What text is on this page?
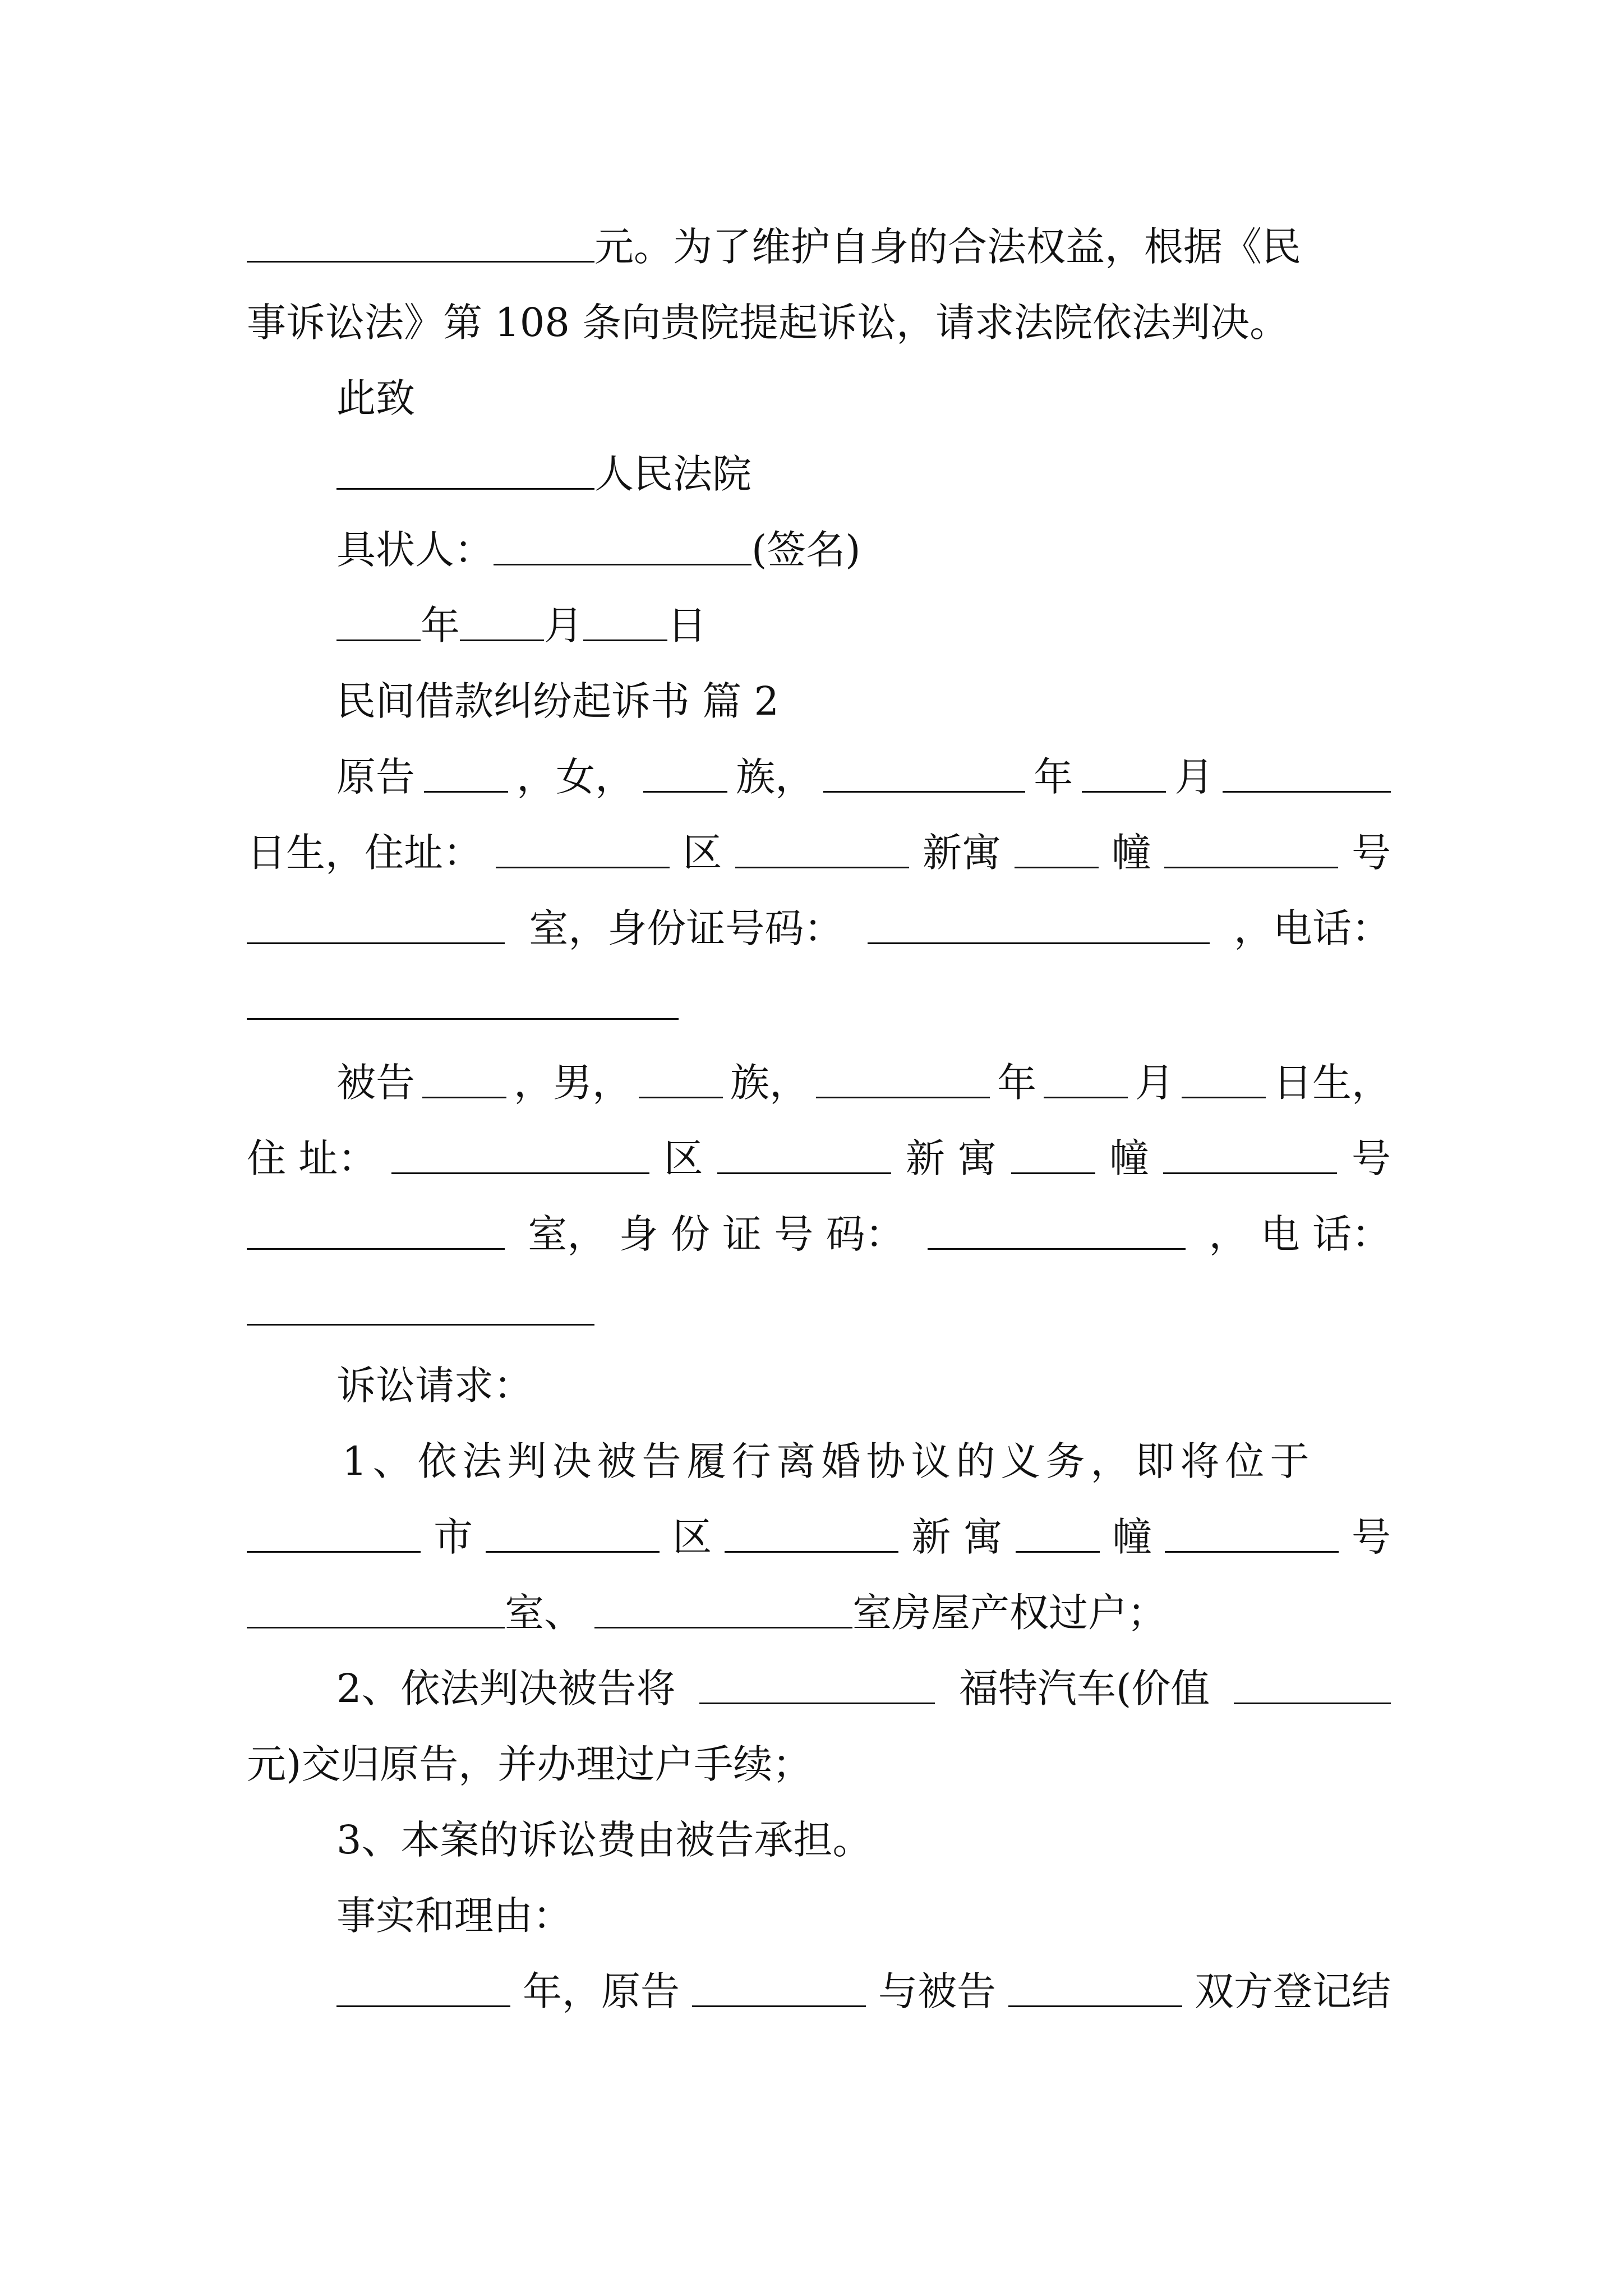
元。为了维护自身的合法权益，根据《民
事诉讼法》第 108 条向贵院提起诉讼，请求法院依法判决。
此致
人民法院
具状人：	(签名)
年 月 日
民间借款纠纷起诉书 篇 2
原告	，女，	族，	年	月
日生，住址：	区	新寓	幢	号
室，身份证号码：	，电话：
被告	，男，	族，	年	月	日生，
住 址：	区	新 寓	幢	号
室， 身 份 证 号 码：	， 电 话：
诉讼请求：
1、依法判决被告履行离婚协议的义务，即将位于
市	区	新 寓	幢	号
室、	室房屋产权过户；
2、依法判决被告将	福特汽车(价值
元)交归原告，并办理过户手续；
3、本案的诉讼费由被告承担。
事实和理由：
年，原告	与被告	双方登记结
